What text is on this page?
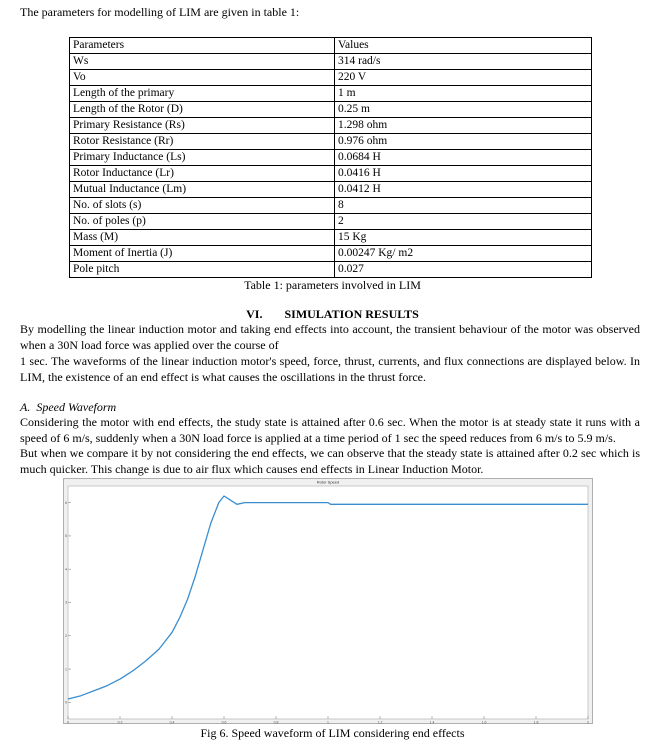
The parameters for modelling of LIM are given in table 1:
Parameters	Values
Ws	314 rad/s
Vo	220 V
Length of the primary	1 m
Length of the Rotor (D)	0.25 m
Primary Resistance (Rs)	1.298 ohm
Rotor Resistance (Rr)	0.976 ohm
Primary Inductance (Ls)	0.0684 H
Rotor Inductance (Lr)	0.0416 H
Mutual Inductance (Lm)	0.0412 H
No. of slots (s)	8
No. of poles (p)	2
Mass (M)	15 Kg
Moment of Inertia (J)	0.00247 Kg/ m2
Pole pitch	0.027
Table 1: parameters involved in LIM
VI. SIMULATION RESULTS
By modelling the linear induction motor and taking end effects into account, the transient behaviour of the motor was observed when a 30N load force was applied over the course of
1 sec. The waveforms of the linear induction motor's speed, force, thrust, currents, and flux connections are displayed below. In LIM, the existence of an end effect is what causes the oscillations in the thrust force.
A. Speed Waveform
Considering the motor with end effects, the study state is attained after 0.6 sec. When the motor is at steady state it runs with a speed of 6 m/s, suddenly when a 30N load force is applied at a time period of 1 sec the speed reduces from 6 m/s to 5.9 m/s.
But when we compare it by not considering the end effects, we can observe that the steady state is attained after 0.2 sec which is much quicker. This change is due to air flux which causes end effects in Linear Induction Motor.
Rotor Speed
0	0.2	0.4	0.6	0.8	1	1.2	1.4	1.6	1.8	2
0
1
2
3
4
5
6
Fig 6. Speed waveform of LIM considering end effects
